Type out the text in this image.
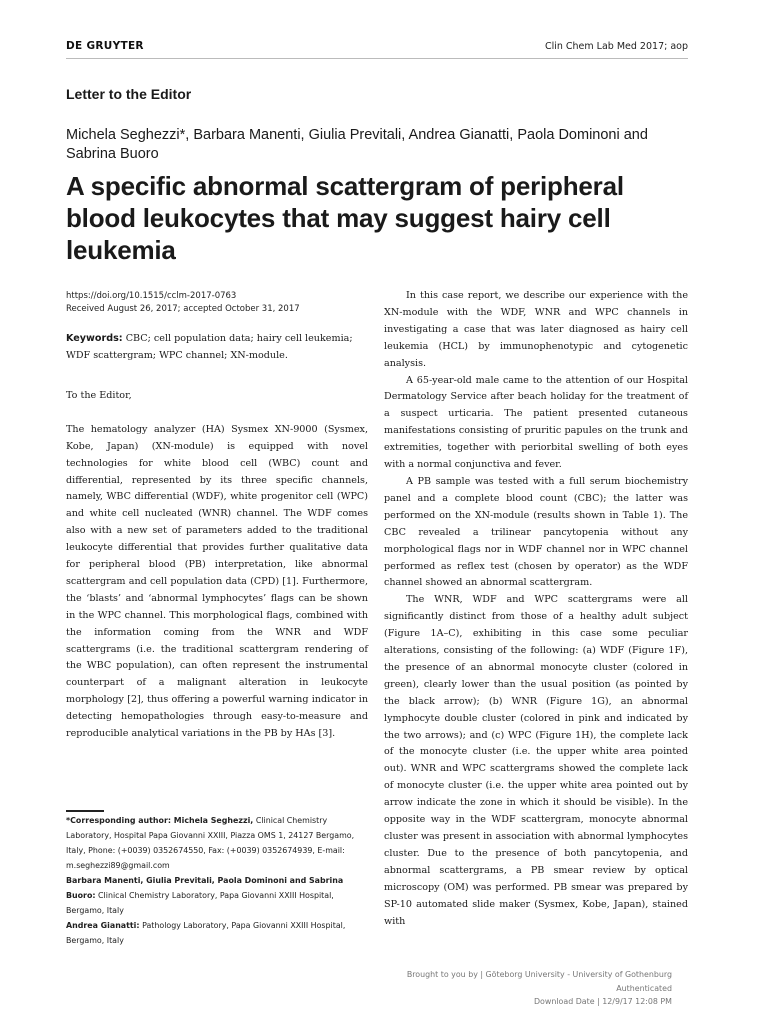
DE GRUYTER	Clin Chem Lab Med 2017; aop
Letter to the Editor
Michela Seghezzi*, Barbara Manenti, Giulia Previtali, Andrea Gianatti, Paola Dominoni and Sabrina Buoro
A specific abnormal scattergram of peripheral blood leukocytes that may suggest hairy cell leukemia
https://doi.org/10.1515/cclm-2017-0763
Received August 26, 2017; accepted October 31, 2017
Keywords: CBC; cell population data; hairy cell leukemia; WDF scattergram; WPC channel; XN-module.

To the Editor,

The hematology analyzer (HA) Sysmex XN-9000 (Sysmex, Kobe, Japan) (XN-module) is equipped with novel technologies for white blood cell (WBC) count and differential, represented by its three specific channels, namely, WBC differential (WDF), white progenitor cell (WPC) and white cell nucleated (WNR) channel. The WDF comes also with a new set of parameters added to the traditional leukocyte differential that provides further qualitative data for peripheral blood (PB) interpretation, like abnormal scattergram and cell population data (CPD) [1]. Furthermore, the ‘blasts’ and ‘abnormal lymphocytes’ flags can be shown in the WPC channel. This morphological flags, combined with the information coming from the WNR and WDF scattergrams (i.e. the traditional scattergram rendering of the WBC population), can often represent the instrumental counterpart of a malignant alteration in leukocyte morphology [2], thus offering a powerful warning indicator in detecting hemopathologies through easy-to-measure and reproducible analytical variations in the PB by HAs [3].

In this case report, we describe our experience with the XN-module with the WDF, WNR and WPC channels in investigating a case that was later diagnosed as hairy cell leukemia (HCL) by immunophenotypic and cytogenetic analysis.

A 65-year-old male came to the attention of our Hospital Dermatology Service after beach holiday for the treatment of a suspect urticaria. The patient presented cutaneous manifestations consisting of pruritic papules on the trunk and extremities, together with periorbital swelling of both eyes with a normal conjunctiva and fever.

A PB sample was tested with a full serum biochemistry panel and a complete blood count (CBC); the latter was performed on the XN-module (results shown in Table 1). The CBC revealed a trilinear pancytopenia without any morphological flags nor in WDF channel nor in WPC channel performed as reflex test (chosen by operator) as the WDF channel showed an abnormal scattergram.

The WNR, WDF and WPC scattergrams were all significantly distinct from those of a healthy adult subject (Figure 1A–C), exhibiting in this case some peculiar alterations, consisting of the following: (a) WDF (Figure 1F), the presence of an abnormal monocyte cluster (colored in green), clearly lower than the usual position (as pointed by the black arrow); (b) WNR (Figure 1G), an abnormal lymphocyte double cluster (colored in pink and indicated by the two arrows); and (c) WPC (Figure 1H), the complete lack of the monocyte cluster (i.e. the upper white area pointed out). WNR and WPC scattergrams showed the complete lack of monocyte cluster (i.e. the upper white area pointed out by arrow indicate the zone in which it should be visible). In the opposite way in the WDF scattergram, monocyte abnormal cluster was present in association with abnormal lymphocytes cluster. Due to the presence of both pancytopenia, and abnormal scattergrams, a PB smear review by optical microscopy (OM) was performed. PB smear was prepared by SP-10 automated slide maker (Sysmex, Kobe, Japan), stained with

*Corresponding author: Michela Seghezzi, Clinical Chemistry Laboratory, Hospital Papa Giovanni XXIII, Piazza OMS 1, 24127 Bergamo, Italy, Phone: (+0039) 0352674550, Fax: (+0039) 0352674939, E-mail: m.seghezzi89@gmail.com

Barbara Manenti, Giulia Previtali, Paola Dominoni and Sabrina Buoro: Clinical Chemistry Laboratory, Papa Giovanni XXIII Hospital, Bergamo, Italy

Andrea Gianatti: Pathology Laboratory, Papa Giovanni XXIII Hospital, Bergamo, Italy

Brought to you by | Göteborg University - University of Gothenburg

Authenticated

Download Date | 12/9/17 12:08 PM
